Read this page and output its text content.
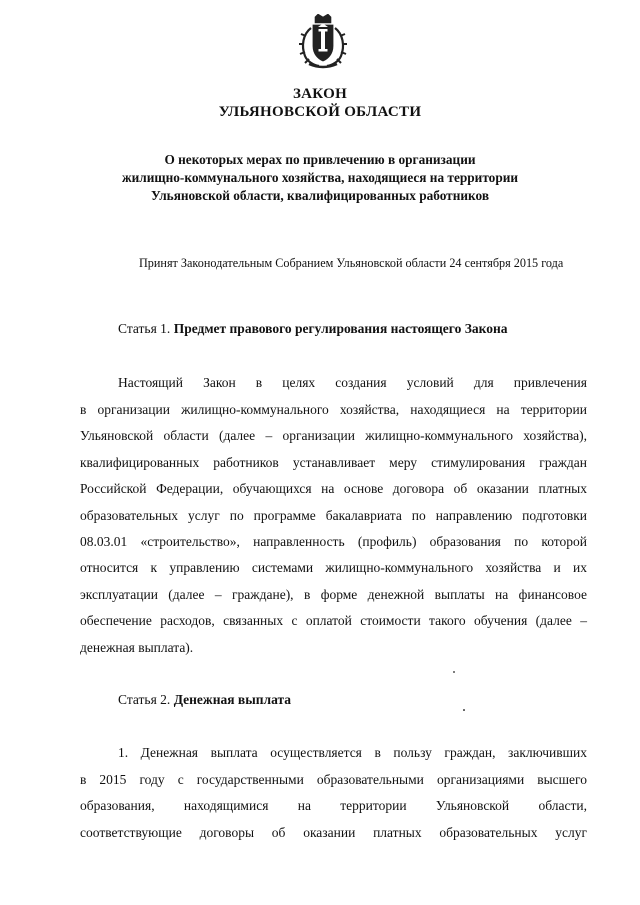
ЗАКОН
УЛЬЯНОВСКОЙ ОБЛАСТИ
О некоторых мерах по привлечению в организации
жилищно-коммунального хозяйства, находящиеся на территории
Ульяновской области, квалифицированных работников
Принят Законодательным Собранием Ульяновской области 24 сентября 2015 года
Статья 1. Предмет правового регулирования настоящего Закона
Настоящий Закон в целях создания условий для привлечения
в организации жилищно-коммунального хозяйства, находящиеся на территории
Ульяновской области (далее – организации жилищно-коммунального хозяйства),
квалифицированных работников устанавливает меру стимулирования граждан
Российской Федерации, обучающихся на основе договора об оказании платных
образовательных услуг по программе бакалавриата по направлению подготовки
08.03.01 «строительство», направленность (профиль) образования по которой
относится к управлению системами жилищно-коммунального хозяйства и их
эксплуатации (далее – граждане), в форме денежной выплаты на финансовое
обеспечение расходов, связанных с оплатой стоимости такого обучения (далее –
денежная выплата).
Статья 2. Денежная выплата
1. Денежная выплата осуществляется в пользу граждан, заключивших
в 2015 году с государственными образовательными организациями высшего
образования, находящимися на территории Ульяновской области,
соответствующие договоры об оказании платных образовательных услуг
